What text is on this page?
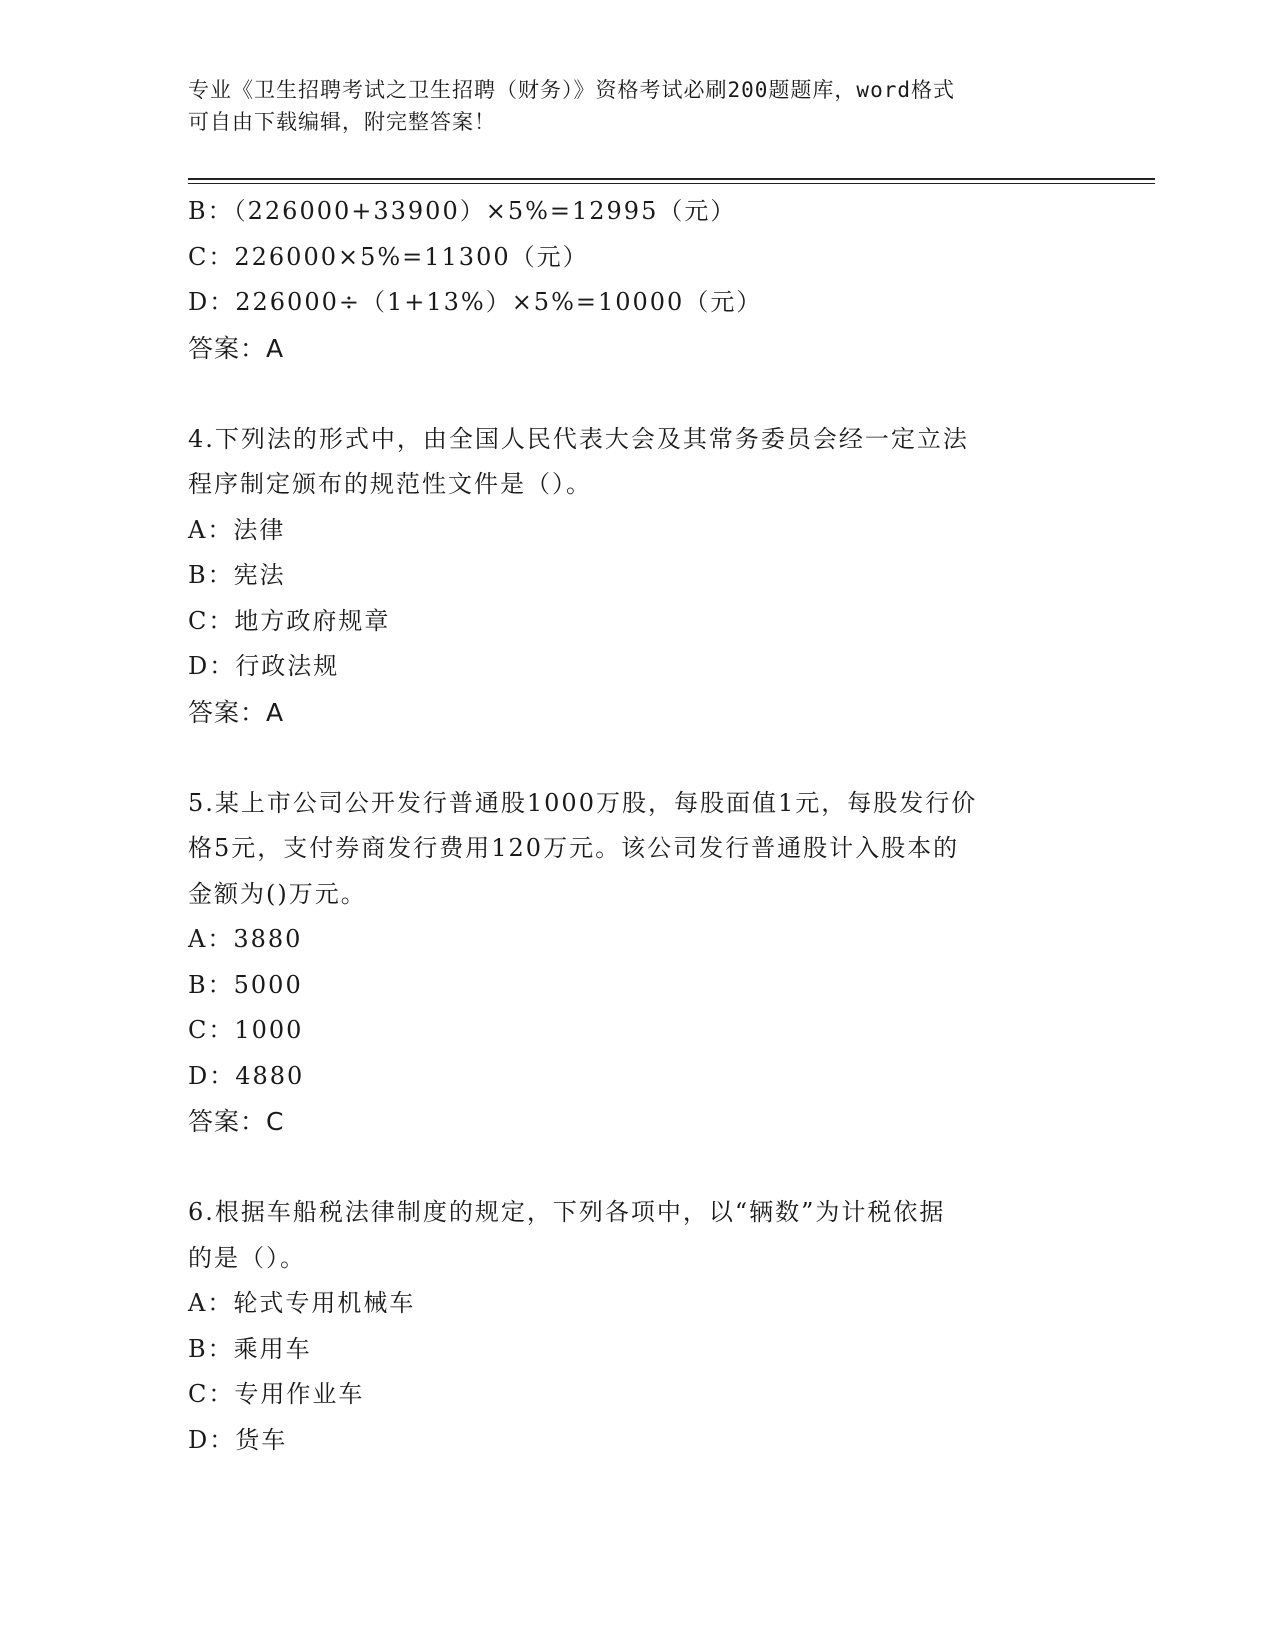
专业《卫生招聘考试之卫生招聘（财务）》资格考试必刷200题题库，word格式
可自由下载编辑，附完整答案！
B：（226000+33900）×5%=12995（元）
C：226000×5%=11300（元）
D：226000÷（1+13%）×5%=10000（元）
答案：A
4.下列法的形式中，由全国人民代表大会及其常务委员会经一定立法
程序制定颁布的规范性文件是（）。
A：法律
B：宪法
C：地方政府规章
D：行政法规
答案：A
5.某上市公司公开发行普通股1000万股，每股面值1元，每股发行价
格5元，支付券商发行费用120万元。该公司发行普通股计入股本的
金额为()万元。
A：3880
B：5000
C：1000
D：4880
答案：C
6.根据车船税法律制度的规定，下列各项中，以“辆数”为计税依据
的是（）。
A：轮式专用机械车
B：乘用车
C：专用作业车
D：货车
